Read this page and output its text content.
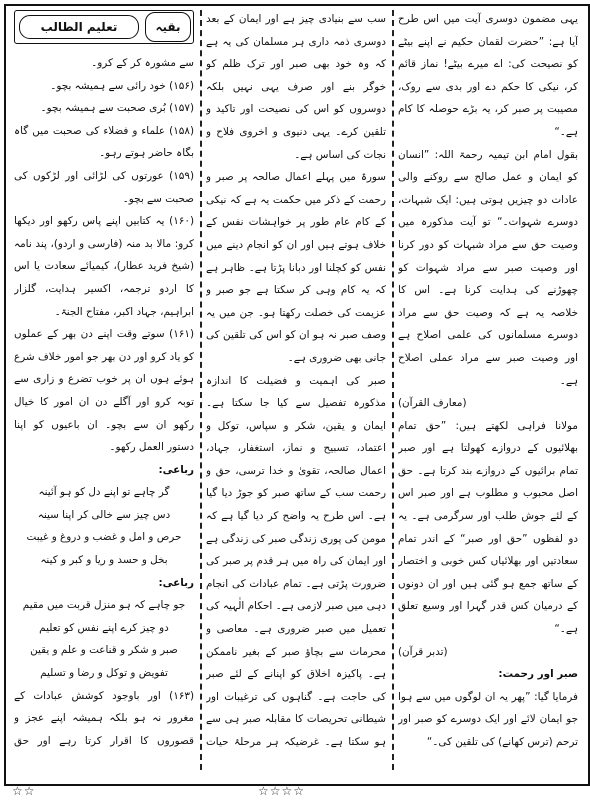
یہی مضمون دوسری آیت میں اس طرح آیا ہے: ”حضرت لقمان حکیم نے اپنے بیٹے کو نصیحت کی: اے میرے بیٹے! نماز قائم کر، نیکی کا حکم دے اور بدی سے روک، مصیبت پر صبر کر، یہ بڑے حوصلہ کا کام ہے۔“

بقول امام ابن تیمیہ رحمۃ اللہ: ”انسان کو ایمان و عمل صالح سے روکنے والی عادات دو چیزیں ہوتی ہیں: ایک شبہات، دوسرے شہوات۔“ تو آیت مذکورہ میں وصیت حق سے مراد شبہات کو دور کرنا اور وصیت صبر سے مراد شہوات کو چھوڑنے کی ہدایت کرنا ہے۔ اس کا خلاصہ یہ ہے کہ وصیت حق سے مراد دوسرے مسلمانوں کی علمی اصلاح ہے اور وصیت صبر سے مراد عملی اصلاح ہے۔

(معارف القرآن)

مولانا فراہی لکھتے ہیں: ”حق تمام بھلائیوں کے دروازے کھولتا ہے اور صبر تمام برائیوں کے دروازے بند کرتا ہے۔ حق اصل محبوب و مطلوب ہے اور صبر اس کے لئے جوش طلب اور سرگرمی ہے۔ یہ دو لفظوں ”حق اور صبر“ کے اندر تمام سعادتیں اور بھلائیاں کس خوبی و اختصار کے ساتھ جمع ہو گئی ہیں اور ان دونوں کے درمیان کس قدر گہرا اور وسیع تعلق ہے۔“

(تدبر قرآن)

صبر اور رحمت:

فرمایا گیا: ”پھر یہ ان لوگوں میں سے ہوا جو ایمان لائے اور ایک دوسرے کو صبر اور ترحم (ترس کھانے) کی تلقین کی۔“

سب سے بنیادی چیز ہے اور ایمان کے بعد دوسری ذمہ داری ہر مسلمان کی یہ ہے کہ وہ خود بھی صبر اور ترک ظلم کو خوگر بنے اور صرف یہی نہیں بلکہ دوسروں کو اس کی نصیحت اور تاکید و تلقین کرے۔ یہی دنیوی و اخروی فلاح و نجات کی اساس ہے۔

سورۃ میں پہلے اعمال صالحہ پر صبر و رحمت کے ذکر میں حکمت یہ ہے کہ نیکی کے کام عام طور پر خواہشات نفس کے خلاف ہوتے ہیں اور ان کو انجام دینے میں نفس کو کچلنا اور دبانا پڑتا ہے۔ ظاہر ہے کہ یہ کام وہی کر سکتا ہے جو صبر و عزیمت کی خصلت رکھتا ہو۔ جن میں یہ وصف صبر نہ ہو ان کو اس کی تلقین کی جانی بھی ضروری ہے۔

صبر کی اہمیت و فضیلت کا اندازہ مذکورہ تفصیل سے کیا جا سکتا ہے۔ ایمان و یقین، شکر و سپاس، توکل و اعتماد، تسبیح و نماز، استغفار، جہاد، اعمال صالحہ، تقویٰ و خدا ترسی، حق و رحمت سب کے ساتھ صبر کو جوڑ دیا گیا ہے۔ اس طرح یہ واضح کر دیا گیا ہے کہ مومن کی پوری زندگی صبر کی زندگی ہے اور ایمان کی راہ میں ہر قدم پر صبر کی ضرورت پڑتی ہے۔ تمام عبادات کی انجام دہی میں صبر لازمی ہے۔ احکام الٰہیہ کی تعمیل میں صبر ضروری ہے۔ معاصی و محرمات سے بچاؤ صبر کے بغیر ناممکن ہے۔ پاکیزہ اخلاق کو اپنانے کے لئے صبر کی حاجت ہے۔ گناہوں کی ترغیبات اور شیطانی تحریصات کا مقابلہ صبر ہی سے ہو سکتا ہے۔ غرضیکہ ہر مرحلۂ حیات

بقیہ
تعلیم الطالب

سے مشورہ کر کے کرو۔

(۱۵۶) خود رائی سے ہمیشہ بچو۔

(۱۵۷) بُری صحبت سے ہمیشہ بچو۔

(۱۵۸) علماء و فضلاء کی صحبت میں گاہ بگاہ حاضر ہوتے رہو۔

(۱۵۹) عورتوں کی لڑائی اور لڑکوں کی صحبت سے بچو۔

(۱۶۰) یہ کتابیں اپنے پاس رکھو اور دیکھا کرو: مالا بد منہ (فارسی و اردو)، پند نامہ (شیخ فرید عطار)، کیمیائے سعادت یا اس کا اردو ترجمہ، اکسیر ہدایت، گلزار ابراہیم، جہاد اکبر، مفتاح الجنۃ۔

(۱۶۱) سوتے وقت اپنے دن بھر کے عملوں کو یاد کرو اور دن بھر جو امور خلاف شرع ہوئے ہوں ان پر خوب تضرع و زاری سے توبہ کرو اور آگلے دن ان امور کا خیال رکھو ان سے بچو۔ ان باعیوں کو اپنا دستور العمل رکھو۔

رباعی:

گر چاہے تو اپنے دل کو ہو آئینہ

دس چیز سے خالی کر اپنا سینہ

حرص و امل و غضب و دروغ و غیبت

بخل و حسد و ریا و کبر و کینہ

رباعی:

جو چاہے کہ ہو منزل قربت میں مقیم

دو چیز کرے اپنے نفس کو تعلیم

صبر و شکر و قناعت و علم و یقین

تفویض و توکل و رضا و تسلیم

(۱۶۳) اور باوجود کوشش عبادات کے مغرور نہ ہو بلکہ ہمیشہ اپنے عجز و قصوروں کا اقرار کرتا رہے اور حق

☆☆☆☆
☆☆
